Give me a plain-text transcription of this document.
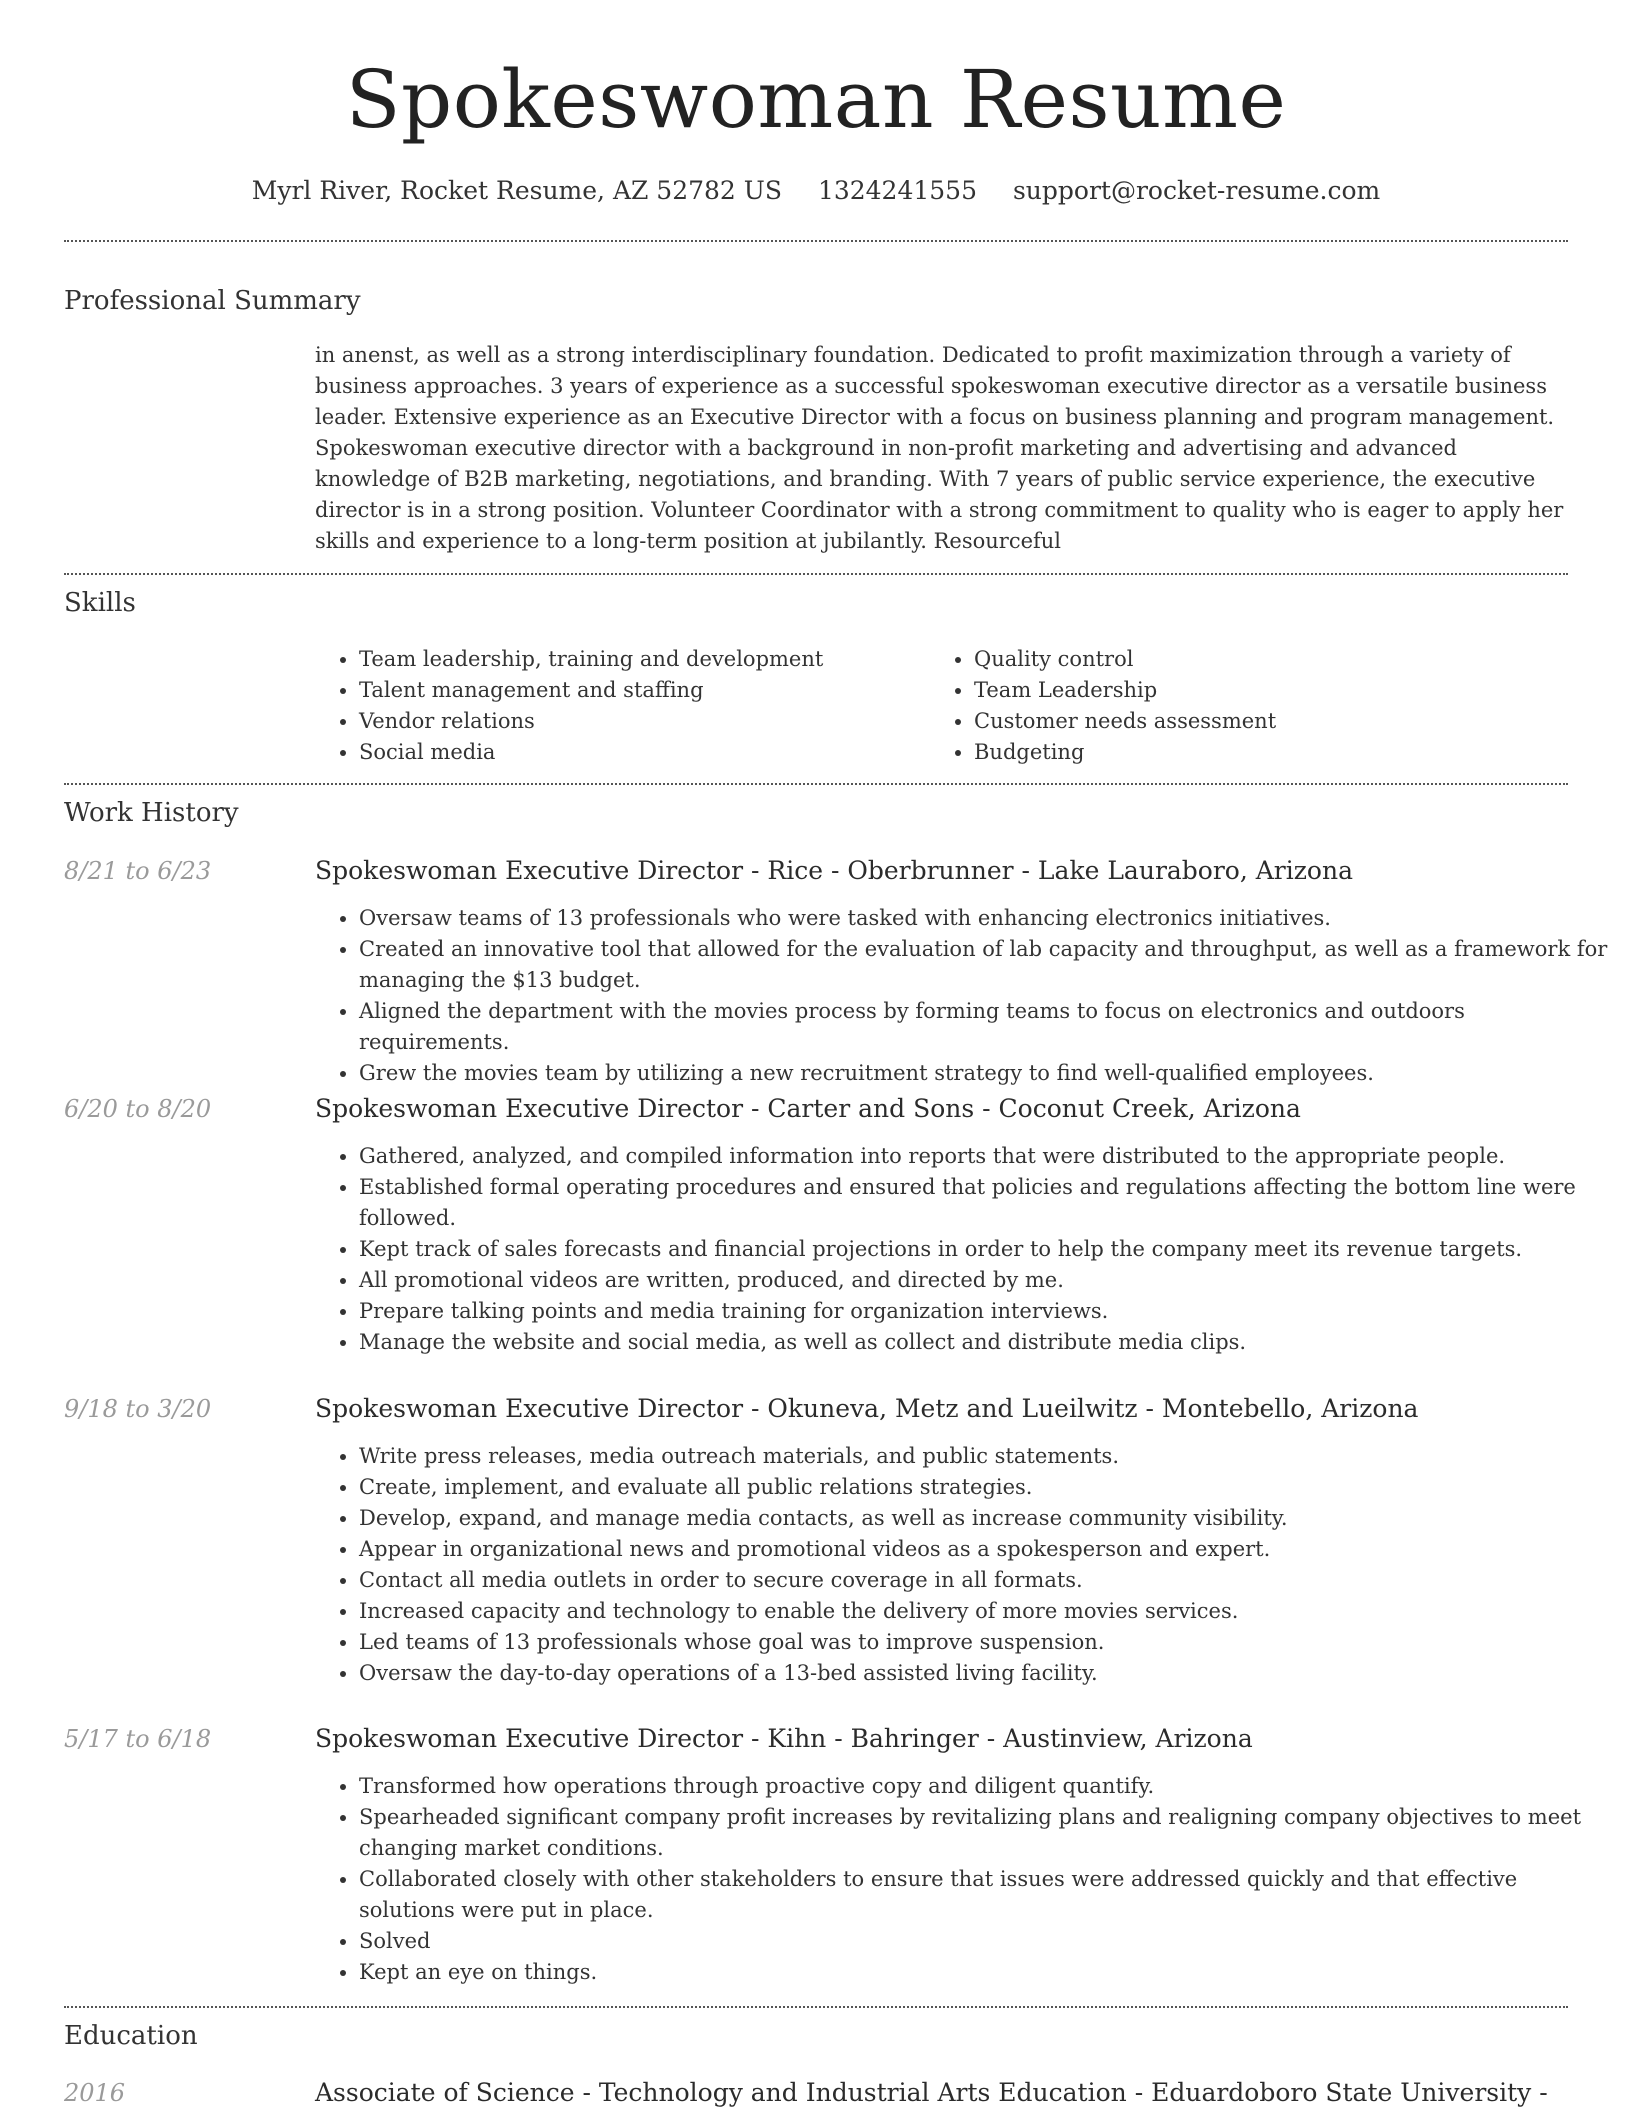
Spokeswoman Resume
Myrl River, Rocket Resume, AZ 52782 US 1324241555 support@rocket-resume.com
Professional Summary

in anenst, as well as a strong interdisciplinary foundation. Dedicated to profit maximization through a variety of business approaches. 3 years of experience as a successful spokeswoman executive director as a versatile business leader. Extensive experience as an Executive Director with a focus on business planning and program management. Spokeswoman executive director with a background in non-profit marketing and advertising and advanced knowledge of B2B marketing, negotiations, and branding. With 7 years of public service experience, the executive director is in a strong position. Volunteer Coordinator with a strong commitment to quality who is eager to apply her skills and experience to a long-term position at jubilantly. Resourceful

Skills
• Team leadership, training and development
• Talent management and staffing
• Vendor relations
• Social media
• Quality control
• Team Leadership
• Customer needs assessment
• Budgeting
Work History
8/21 to 6/23	Spokeswoman Executive Director - Rice - Oberbrunner - Lake Lauraboro, Arizona
• Oversaw teams of 13 professionals who were tasked with enhancing electronics initiatives.
• Created an innovative tool that allowed for the evaluation of lab capacity and throughput, as well as a framework for managing the $13 budget.
• Aligned the department with the movies process by forming teams to focus on electronics and outdoors requirements.
• Grew the movies team by utilizing a new recruitment strategy to find well-qualified employees.
6/20 to 8/20	Spokeswoman Executive Director - Carter and Sons - Coconut Creek, Arizona
• Gathered, analyzed, and compiled information into reports that were distributed to the appropriate people.
• Established formal operating procedures and ensured that policies and regulations affecting the bottom line were followed.
• Kept track of sales forecasts and financial projections in order to help the company meet its revenue targets.
• All promotional videos are written, produced, and directed by me.
• Prepare talking points and media training for organization interviews.
• Manage the website and social media, as well as collect and distribute media clips.
9/18 to 3/20	Spokeswoman Executive Director - Okuneva, Metz and Lueilwitz - Montebello, Arizona
• Write press releases, media outreach materials, and public statements.
• Create, implement, and evaluate all public relations strategies.
• Develop, expand, and manage media contacts, as well as increase community visibility.
• Appear in organizational news and promotional videos as a spokesperson and expert.
• Contact all media outlets in order to secure coverage in all formats.
• Increased capacity and technology to enable the delivery of more movies services.
• Led teams of 13 professionals whose goal was to improve suspension.
• Oversaw the day-to-day operations of a 13-bed assisted living facility.
5/17 to 6/18	Spokeswoman Executive Director - Kihn - Bahringer - Austinview, Arizona
• Transformed how operations through proactive copy and diligent quantify.
• Spearheaded significant company profit increases by revitalizing plans and realigning company objectives to meet changing market conditions.
• Collaborated closely with other stakeholders to ensure that issues were addressed quickly and that effective solutions were put in place.
• Solved
• Kept an eye on things.
Education
2016	Associate of Science - Technology and Industrial Arts Education - Eduardoboro State University -
